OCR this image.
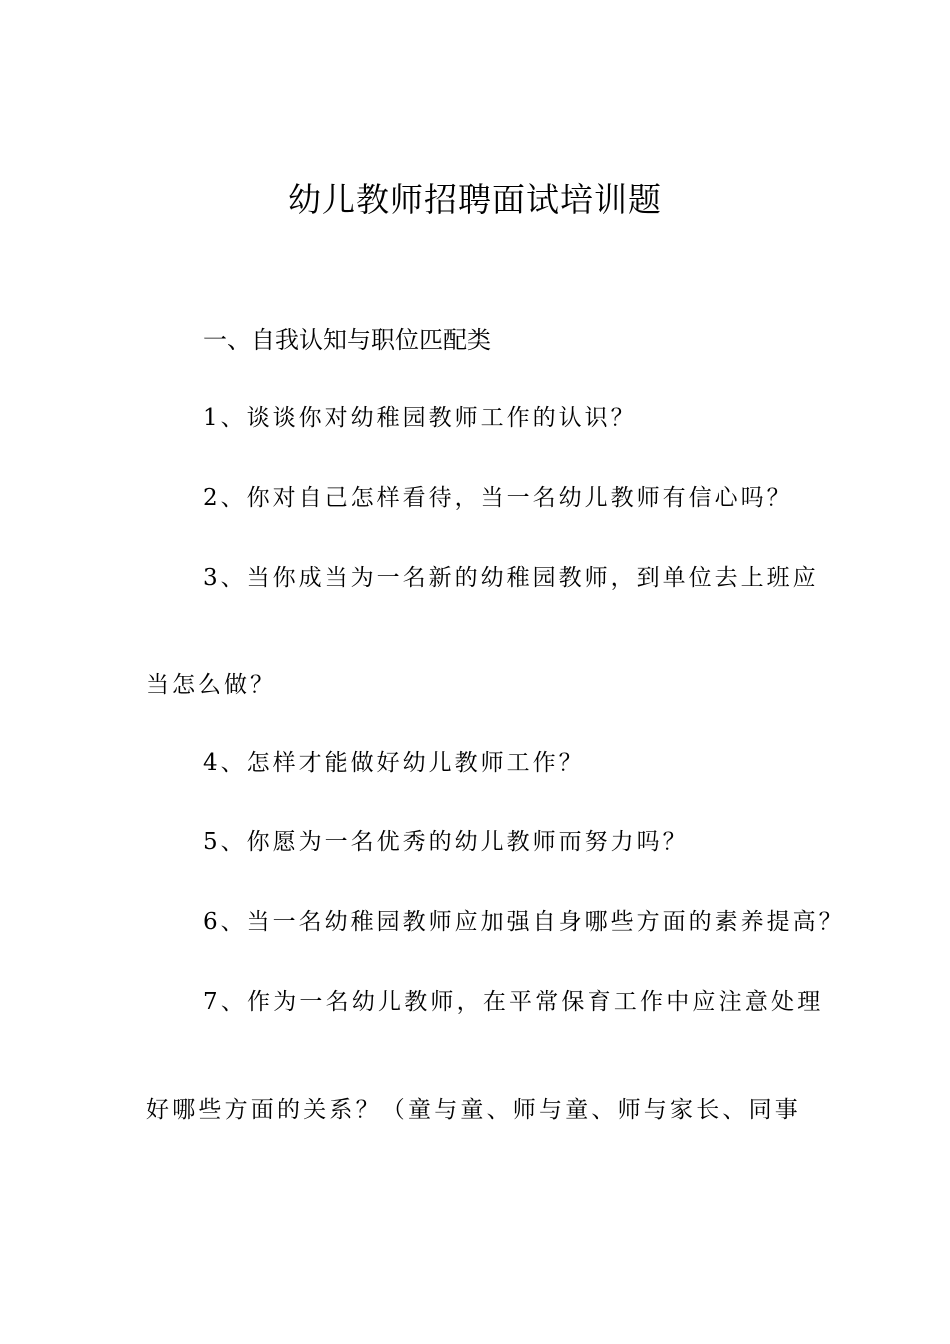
幼儿教师招聘面试培训题
一、自我认知与职位匹配类
1、谈谈你对幼稚园教师工作的认识？
2、你对自己怎样看待，当一名幼儿教师有信心吗？
3、当你成当为一名新的幼稚园教师，到单位去上班应
当怎么做？
4、怎样才能做好幼儿教师工作？
5、你愿为一名优秀的幼儿教师而努力吗？
6、当一名幼稚园教师应加强自身哪些方面的素养提高？
7、作为一名幼儿教师，在平常保育工作中应注意处理
好哪些方面的关系？（童与童、师与童、师与家长、同事
